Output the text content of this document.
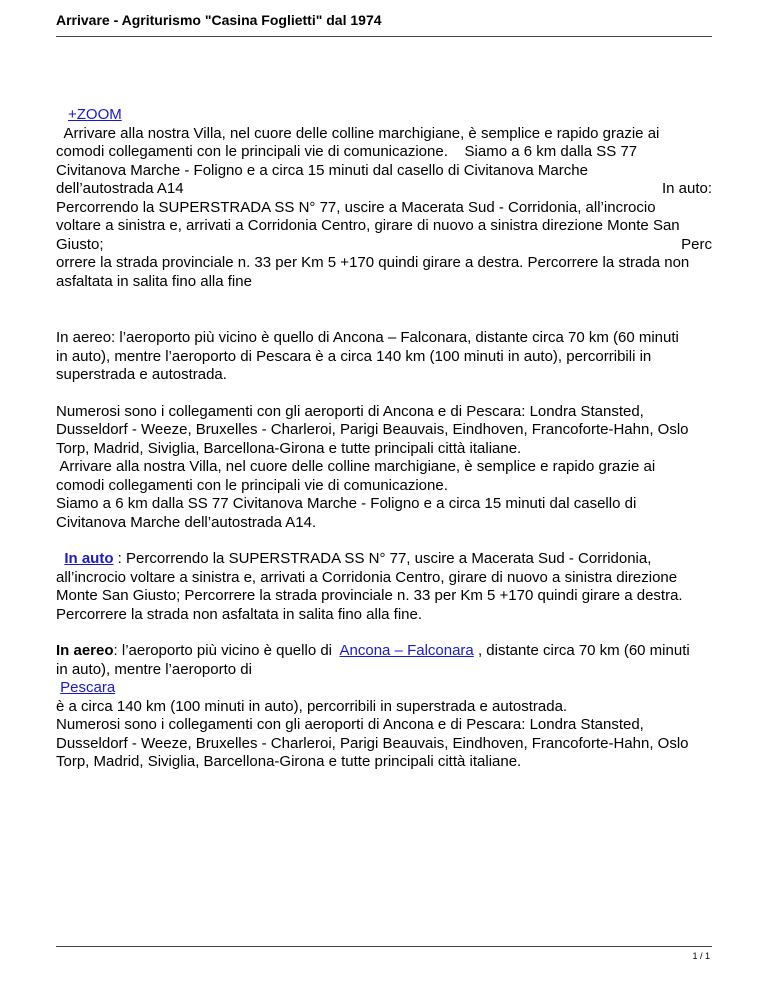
Arrivare - Agriturismo "Casina Foglietti" dal 1974

+ZOOM

Arrivare alla nostra Villa, nel cuore delle colline marchigiane, è semplice e rapido grazie ai

comodi collegamenti con le principali vie di comunicazione.    Siamo a 6 km dalla SS 77

Civitanova Marche - Foligno e a circa 15 minuti dal casello di Civitanova Marche

dell’autostrada A14	In auto:

Percorrendo la SUPERSTRADA SS N° 77, uscire a Macerata Sud - Corridonia, all’incrocio

voltare a sinistra e, arrivati a Corridonia Centro, girare di nuovo a sinistra direzione Monte San

Giusto;	Perc

orrere la strada provinciale n. 33 per Km 5 +170 quindi girare a destra. Percorrere la strada non

asfaltata in salita fino alla fine

In aereo: l’aeroporto più vicino è quello di Ancona – Falconara, distante circa 70 km (60 minuti

in auto), mentre l’aeroporto di Pescara è a circa 140 km (100 minuti in auto), percorribili in

superstrada e autostrada.

Numerosi sono i collegamenti con gli aeroporti di Ancona e di Pescara: Londra Stansted,

Dusseldorf - Weeze, Bruxelles - Charleroi, Parigi Beauvais, Eindhoven, Francoforte-Hahn, Oslo

Torp, Madrid, Siviglia, Barcellona-Girona e tutte principali città italiane.

Arrivare alla nostra Villa, nel cuore delle colline marchigiane, è semplice e rapido grazie ai

comodi collegamenti con le principali vie di comunicazione.

Siamo a 6 km dalla SS 77 Civitanova Marche - Foligno e a circa 15 minuti dal casello di

Civitanova Marche dell’autostrada A14.

In auto : Percorrendo la SUPERSTRADA SS N° 77, uscire a Macerata Sud - Corridonia,

all’incrocio voltare a sinistra e, arrivati a Corridonia Centro, girare di nuovo a sinistra direzione

Monte San Giusto; Percorrere la strada provinciale n. 33 per Km 5 +170 quindi girare a destra.

Percorrere la strada non asfaltata in salita fino alla fine.

In aereo: l’aeroporto più vicino è quello di  Ancona – Falconara , distante circa 70 km (60 minuti

in auto), mentre l’aeroporto di

Pescara

è a circa 140 km (100 minuti in auto), percorribili in superstrada e autostrada.

Numerosi sono i collegamenti con gli aeroporti di Ancona e di Pescara: Londra Stansted,

Dusseldorf - Weeze, Bruxelles - Charleroi, Parigi Beauvais, Eindhoven, Francoforte-Hahn, Oslo

Torp, Madrid, Siviglia, Barcellona-Girona e tutte principali città italiane.

1 / 1
